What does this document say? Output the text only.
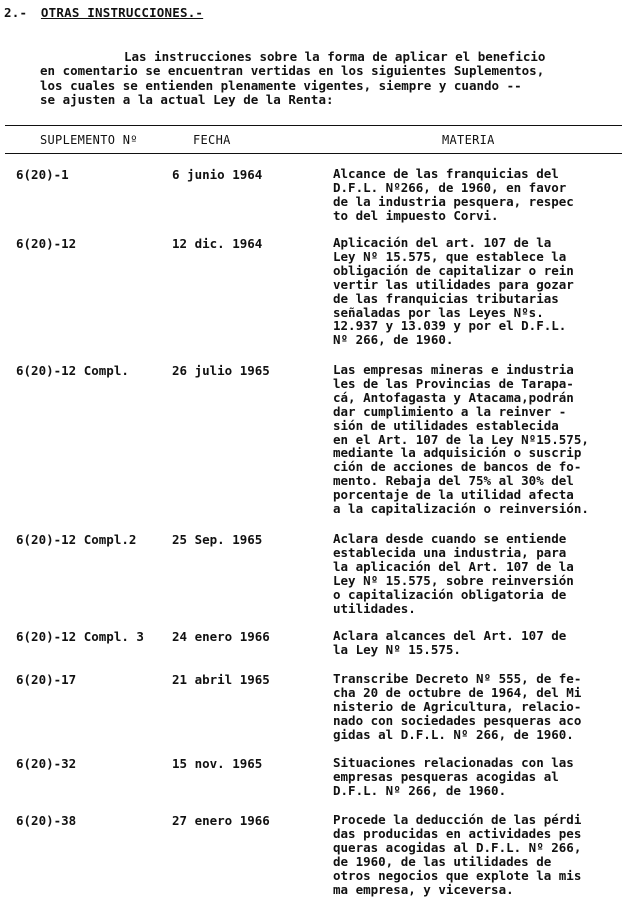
2.- OTRAS INSTRUCCIONES.-
Las instrucciones sobre la forma de aplicar el beneficio
en comentario se encuentran vertidas en los siguientes Suplementos,
los cuales se entienden plenamente vigentes, siempre y cuando --
se ajusten a la actual Ley de la Renta:
SUPLEMENTO Nº	FECHA	MATERIA
6(20)-1	6 junio 1964	Alcance de las franquicias del
D.F.L. Nº266, de 1960, en favor
de la industria pesquera, respec
to del impuesto Corvi.
6(20)-12	12 dic. 1964	Aplicación del art. 107 de la
Ley Nº 15.575, que establece la
obligación de capitalizar o rein
vertir las utilidades para gozar
de las franquicias tributarias
señaladas por las Leyes Nºs.
12.937 y 13.039 y por el D.F.L.
Nº 266, de 1960.
6(20)-12 Compl.	26 julio 1965	Las empresas mineras e industria
les de las Provincias de Tarapa-
cá, Antofagasta y Atacama,podrán
dar cumplimiento a la reinver -
sión de utilidades establecida
en el Art. 107 de la Ley Nº15.575,
mediante la adquisición o suscrip
ción de acciones de bancos de fo-
mento. Rebaja del 75% al 30% del
porcentaje de la utilidad afecta
a la capitalización o reinversión.
6(20)-12 Compl.2	25 Sep. 1965	Aclara desde cuando se entiende
establecida una industria, para
la aplicación del Art. 107 de la
Ley Nº 15.575, sobre reinversión
o capitalización obligatoria de
utilidades.
6(20)-12 Compl. 3 24 enero 1966	Aclara alcances del Art. 107 de
la Ley Nº 15.575.
6(20)-17	21 abril 1965	Transcribe Decreto Nº 555, de fe-
cha 20 de octubre de 1964, del Mi
nisterio de Agricultura, relacio-
nado con sociedades pesqueras aco
gidas al D.F.L. Nº 266, de 1960.
6(20)-32	15 nov. 1965	Situaciones relacionadas con las
empresas pesqueras acogidas al
D.F.L. Nº 266, de 1960.
6(20)-38	27 enero 1966	Procede la deducción de las pérdi
das producidas en actividades pes
queras acogidas al D.F.L. Nº 266,
de 1960, de las utilidades de
otros negocios que explote la mis
ma empresa, y viceversa.
